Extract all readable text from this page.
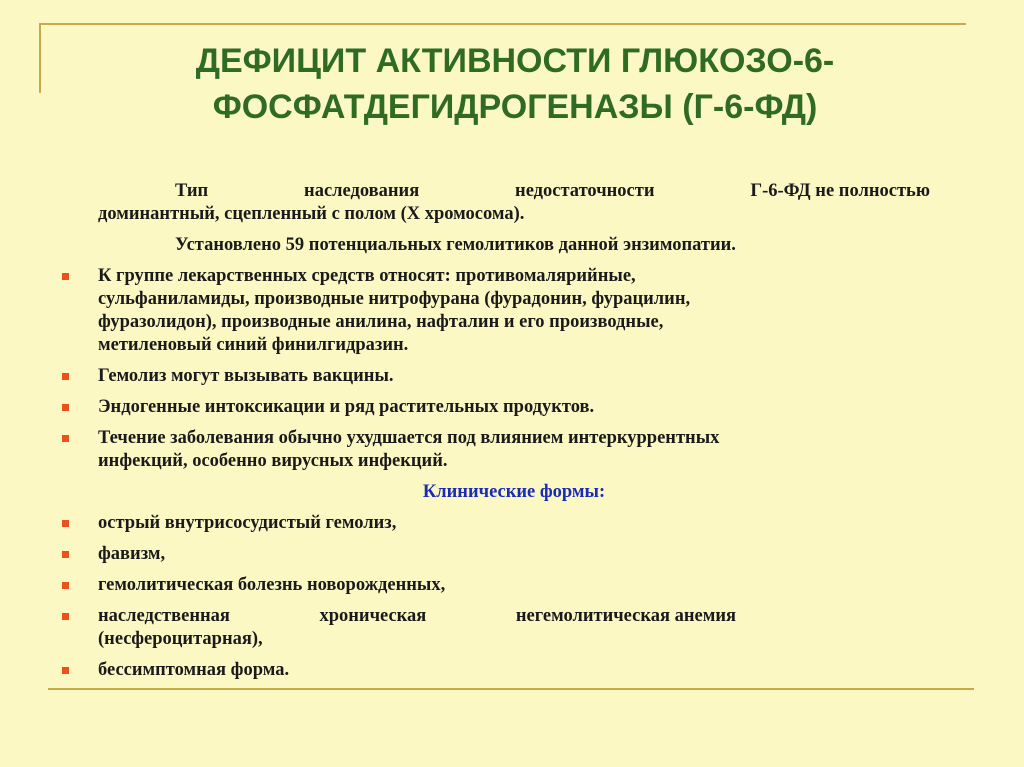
ДЕФИЦИТ АКТИВНОСТИ ГЛЮКОЗО-6-
ФОСФАТДЕГИДРОГЕНАЗЫ (Г-6-ФД)
Тип	наследования	недостаточности	Г-6-ФД не полностью
доминантный, сцепленный с полом (Х хромосома).
Установлено 59 потенциальных гемолитиков данной энзимопатии.
К группе лекарственных средств относят: противомалярийные,
сульфаниламиды, производные нитрофурана (фурадонин, фурацилин,
фуразолидон), производные анилина, нафталин и его производные,
метиленовый синий финилгидразин.
Гемолиз могут вызывать вакцины.
Эндогенные интоксикации и ряд растительных продуктов.
Течение заболевания обычно ухудшается под влиянием интеркуррентных
инфекций, особенно вирусных инфекций.
Клинические формы:
острый внутрисосудистый гемолиз,
фавизм,
гемолитическая болезнь новорожденных,
наследственная	хроническая	негемолитическая анемия
(несфероцитарная),
бессимптомная форма.
